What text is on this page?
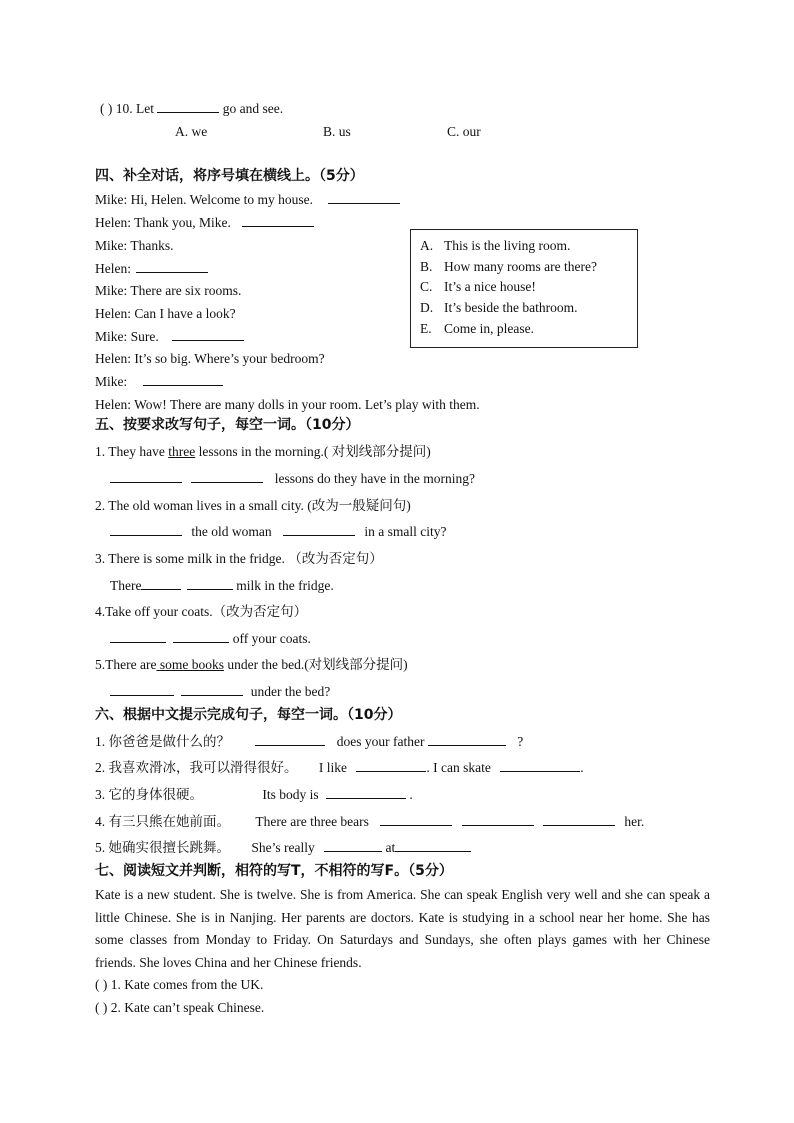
( ) 10. Let	go and see.
A. we	B. us	C. our
四、补全对话，将序号填在横线上。（5分）
Mike: Hi, Helen. Welcome to my house.
Helen: Thank you, Mike.
Mike: Thanks.
Helen:
Mike: There are six rooms.
Helen: Can I have a look?
Mike: Sure.
Helen: It’s so big. Where’s your bedroom?
Mike:
Helen: Wow! There are many dolls in your room. Let’s play with them.
A. This is the living room.
B. How many rooms are there?
C. It’s a nice house!
D. It’s beside the bathroom.
E. Come in, please.
五、按要求改写句子，每空一词。（10分）
1. They have three lessons in the morning.( 对划线部分提问)
lessons do they have in the morning?
2. The old woman lives in a small city. (改为一般疑问句)
the old woman	in a small city?
3. There is some milk in the fridge. （改为否定句）
There	milk in the fridge.
4.Take off your coats.（改为否定句）
off your coats.
5.There are some books under the bed.(对划线部分提问)
under the bed?
六、根据中文提示完成句子，每空一词。（10分）
1. 你爸爸是做什么的？	does your father	?
2. 我喜欢滑冰，我可以滑得很好。 I like	. I can skate	.
3. 它的身体很硬。	Its body is	.
4. 有三只熊在她前面。 There are three bears	her.
5. 她确实很擅长跳舞。 She’s really	at
七、阅读短文并判断，相符的写T，不相符的写F。（5分）
Kate is a new student. She is twelve. She is from America. She can speak English very well and she can speak a little Chinese. She is in Nanjing. Her parents are doctors. Kate is studying in a school near her home. She has some classes from Monday to Friday. On Saturdays and Sundays, she often plays games with her Chinese friends. She loves China and her Chinese friends.
( ) 1. Kate comes from the UK.
( ) 2. Kate can’t speak Chinese.
